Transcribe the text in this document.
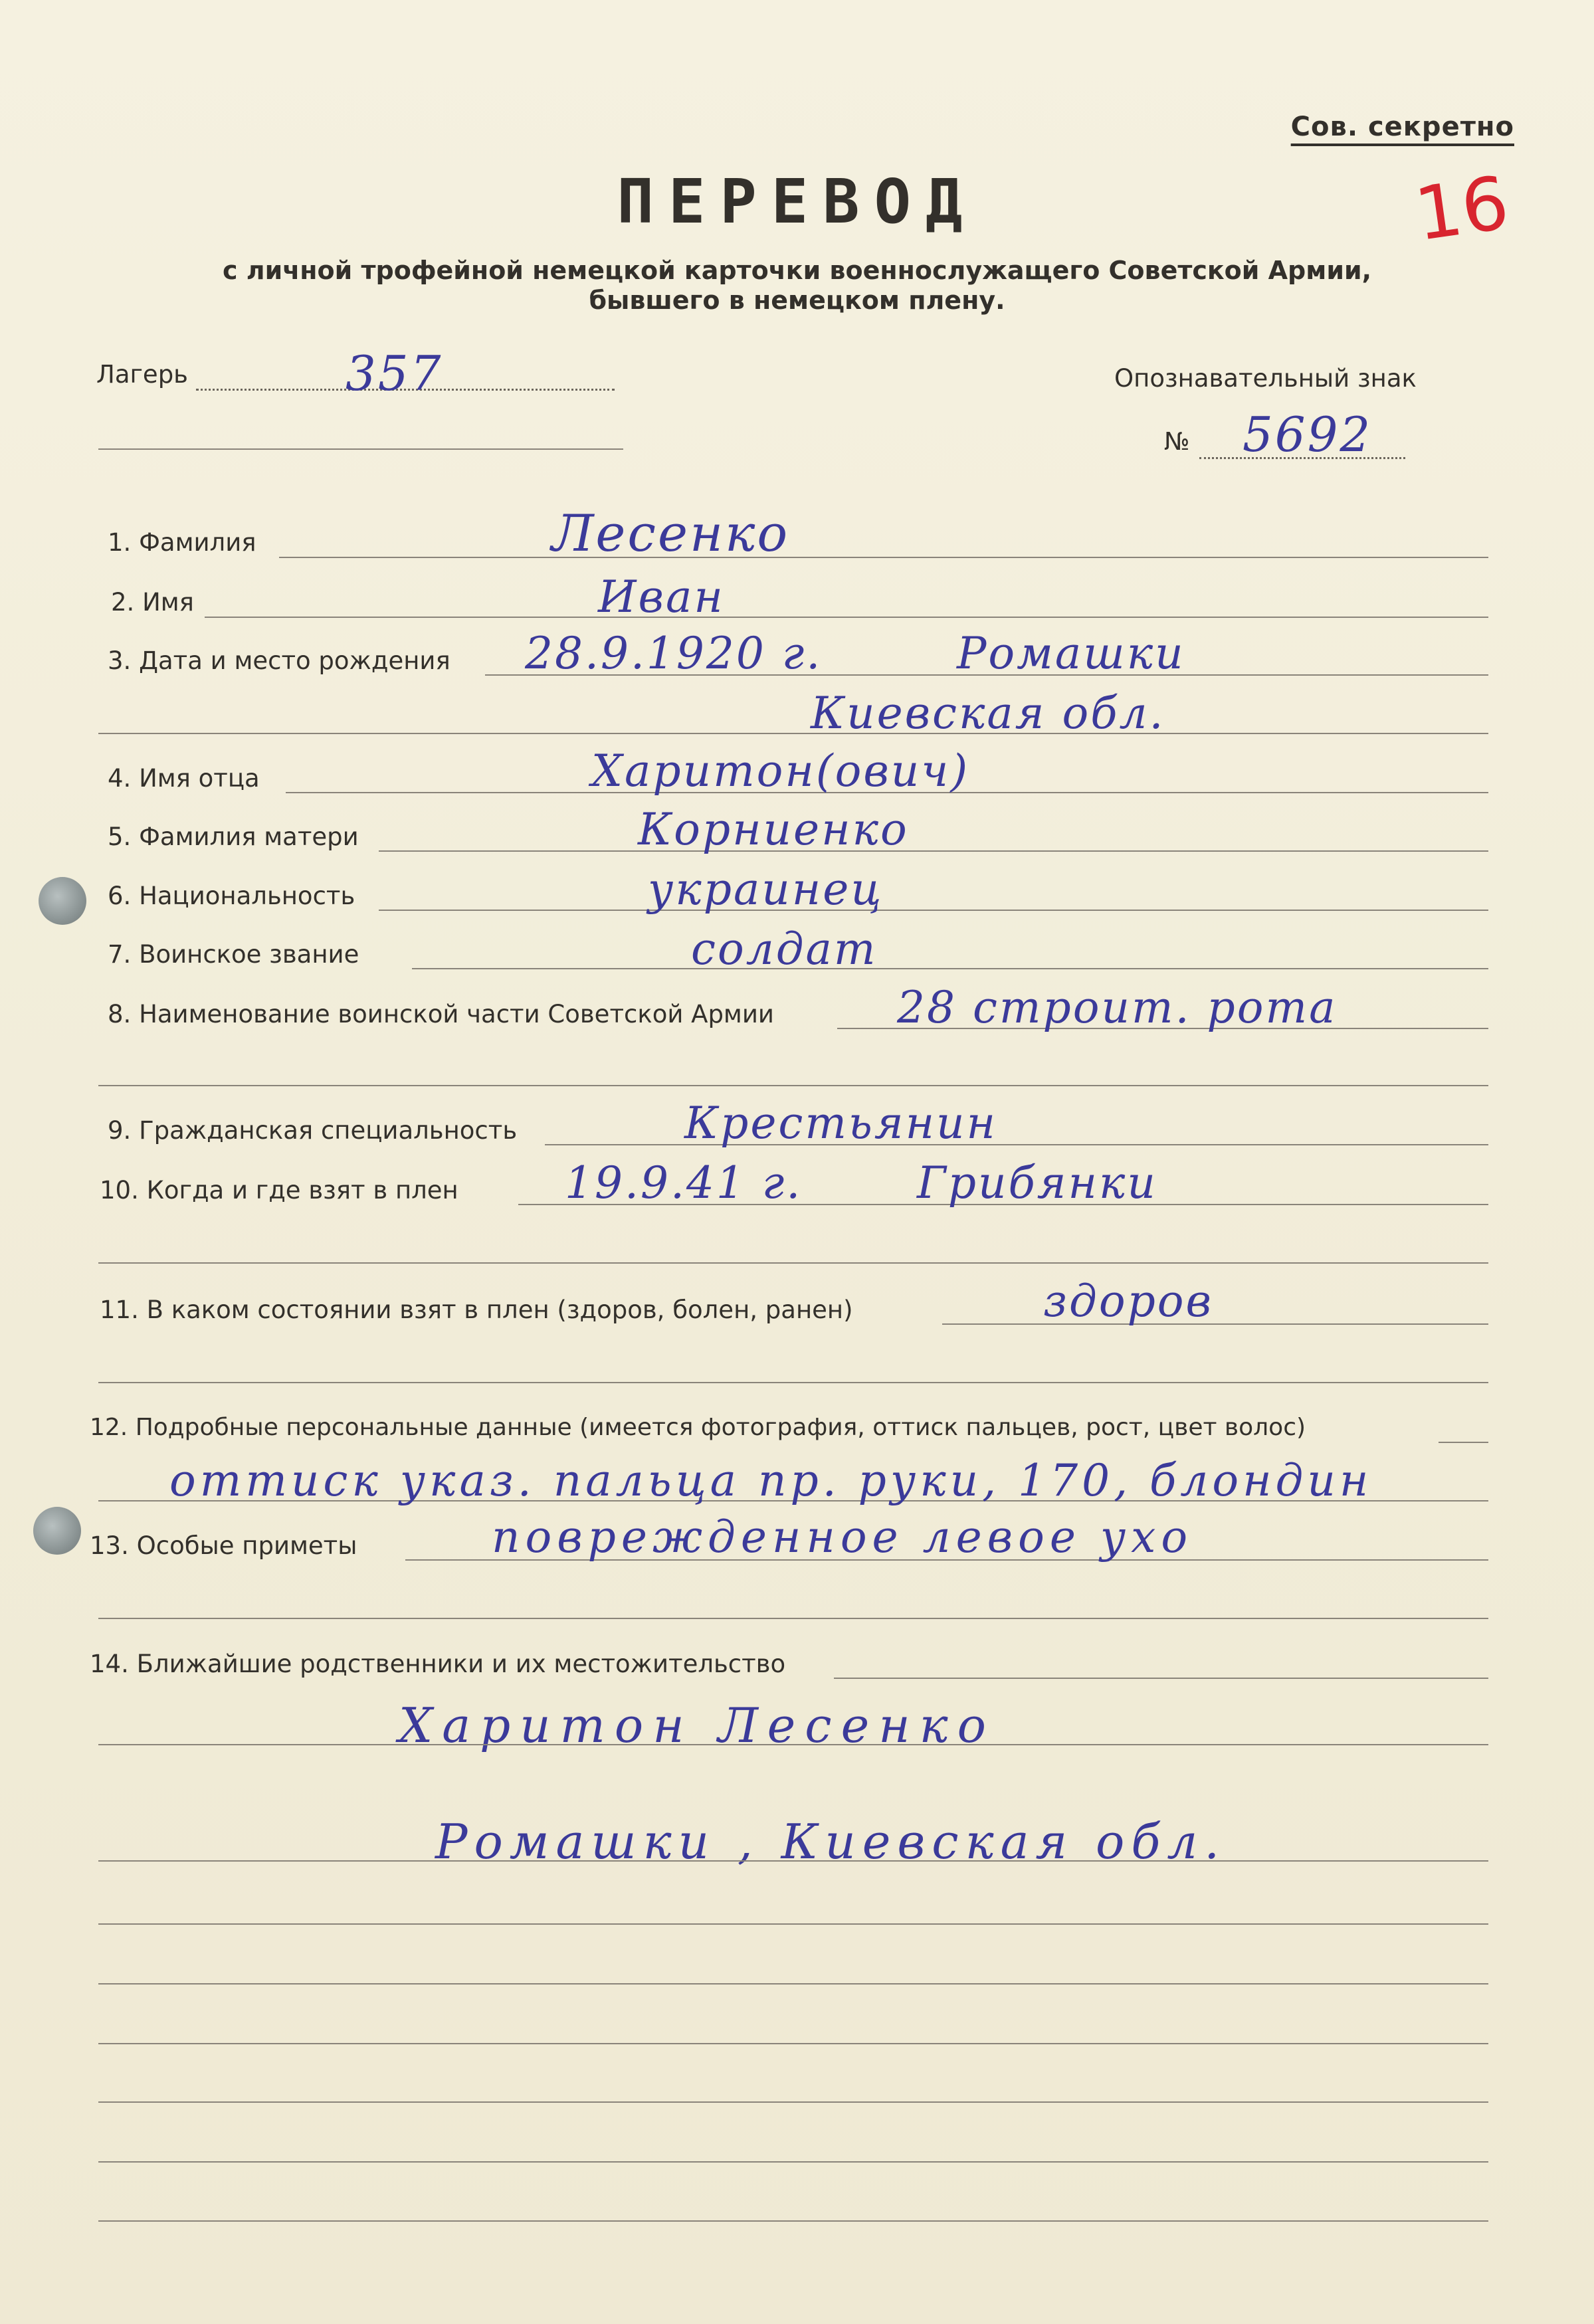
Сов. секретно
16
ПЕРЕВОД
с личной трофейной немецкой карточки военнослужащего Советской Армии,
бывшего в немецком плену.
Лагерь	357	Опознавательный знак
№ 5692
1. Фамилия	Лесенко
2. Имя	Иван
3. Дата и место рождения 28.9.1920 г.	Ромашки
Киевская обл.
4. Имя отца	Харитон(ович)
5. Фамилия матери	Корниенко
6. Национальность	украинец
7. Воинское звание	солдат
8. Наименование воинской части Советской Армии	28 строит. рота
9. Гражданская специальность	Крестьянин
10. Когда и где взят в плен 19.9.41 г.	Грибянки
11. В каком состоянии взят в плен (здоров, болен, ранен)	здоров
12. Подробные персональные данные (имеется фотография, оттиск пальцев, рост, цвет волос)
оттиск указ. пальца пр. руки, 170, блондин
13. Особые приметы	поврежденное левое ухо
14. Ближайшие родственники и их местожительство
Харитон Лесенко
Ромашки , Киевская обл.
